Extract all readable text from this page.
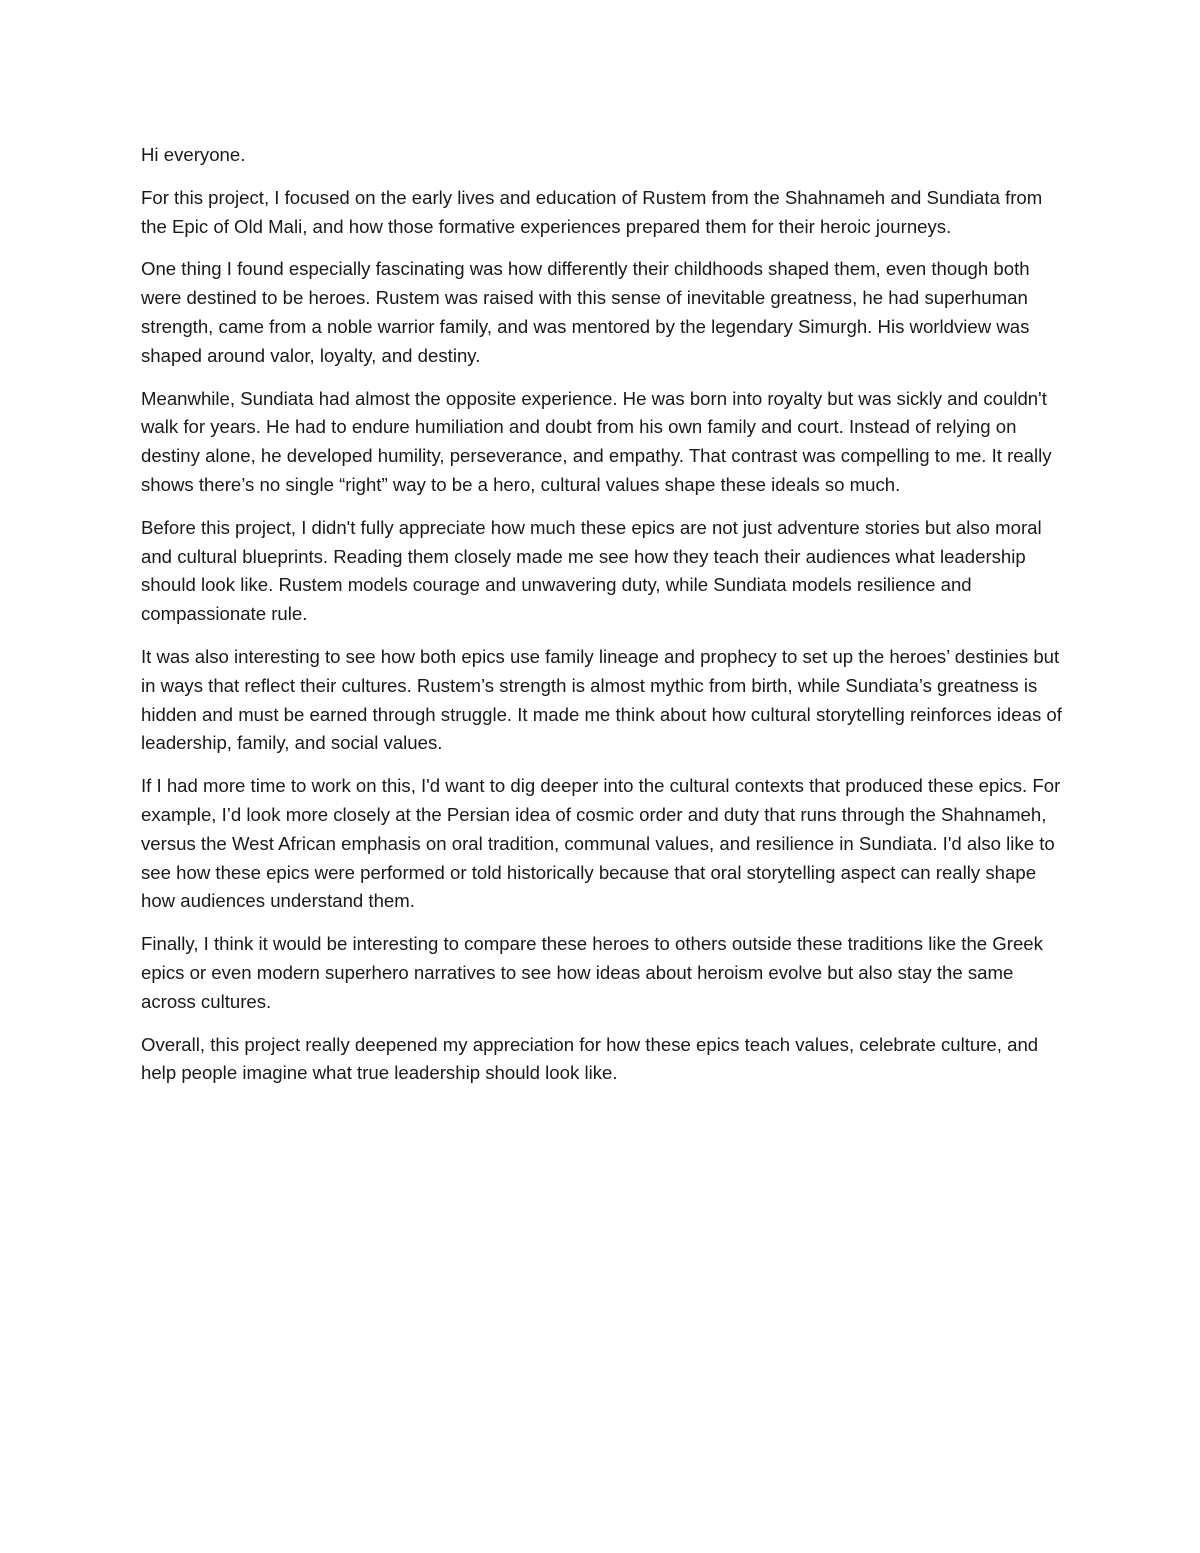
Hi everyone.

For this project, I focused on the early lives and education of Rustem from the Shahnameh and Sundiata from the Epic of Old Mali, and how those formative experiences prepared them for their heroic journeys.

One thing I found especially fascinating was how differently their childhoods shaped them, even though both were destined to be heroes. Rustem was raised with this sense of inevitable greatness, he had superhuman strength, came from a noble warrior family, and was mentored by the legendary Simurgh. His worldview was shaped around valor, loyalty, and destiny.

Meanwhile, Sundiata had almost the opposite experience. He was born into royalty but was sickly and couldn't walk for years. He had to endure humiliation and doubt from his own family and court. Instead of relying on destiny alone, he developed humility, perseverance, and empathy. That contrast was compelling to me. It really shows there’s no single “right” way to be a hero, cultural values shape these ideals so much.

Before this project, I didn't fully appreciate how much these epics are not just adventure stories but also moral and cultural blueprints. Reading them closely made me see how they teach their audiences what leadership should look like. Rustem models courage and unwavering duty, while Sundiata models resilience and compassionate rule.

It was also interesting to see how both epics use family lineage and prophecy to set up the heroes’ destinies but in ways that reflect their cultures. Rustem’s strength is almost mythic from birth, while Sundiata’s greatness is hidden and must be earned through struggle. It made me think about how cultural storytelling reinforces ideas of leadership, family, and social values.

If I had more time to work on this, I'd want to dig deeper into the cultural contexts that produced these epics. For example, I’d look more closely at the Persian idea of cosmic order and duty that runs through the Shahnameh, versus the West African emphasis on oral tradition, communal values, and resilience in Sundiata. I'd also like to see how these epics were performed or told historically because that oral storytelling aspect can really shape how audiences understand them.

Finally, I think it would be interesting to compare these heroes to others outside these traditions like the Greek epics or even modern superhero narratives to see how ideas about heroism evolve but also stay the same across cultures.

Overall, this project really deepened my appreciation for how these epics teach values, celebrate culture, and help people imagine what true leadership should look like.
